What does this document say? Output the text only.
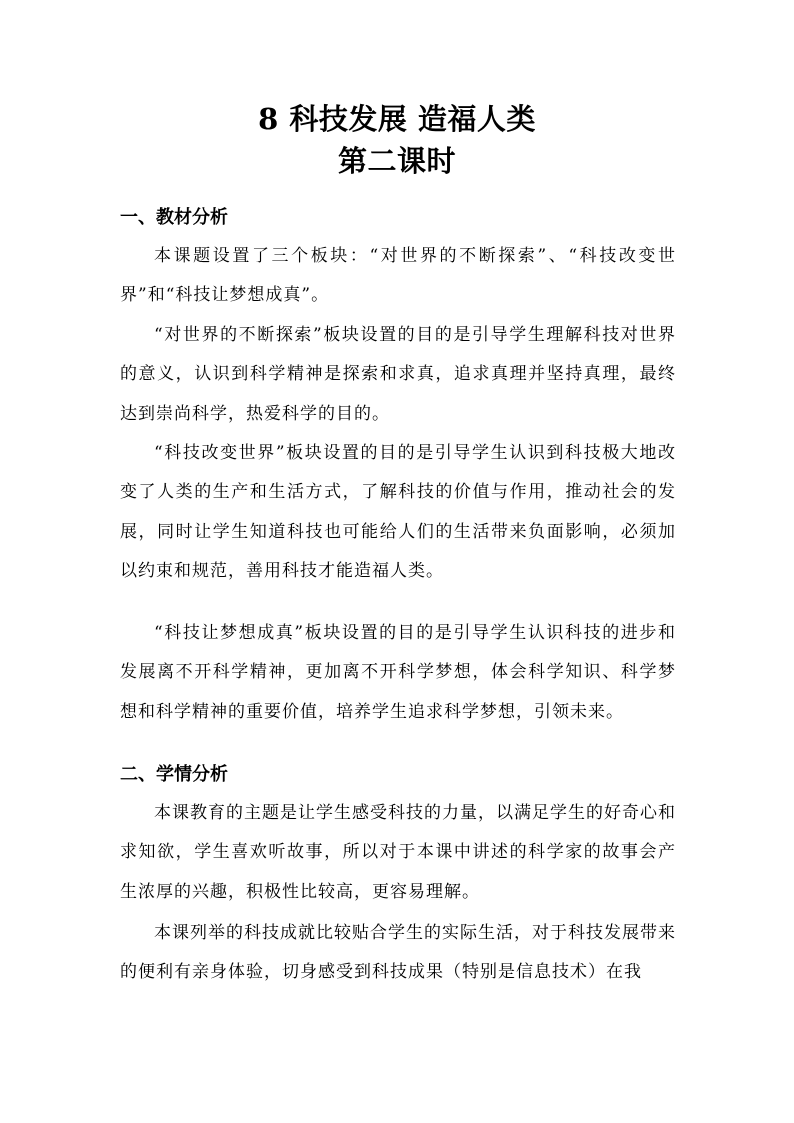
8 科技发展 造福人类
第二课时
一、教材分析

本课题设置了三个板块：“对世界的不断探索”、“科技改变世界”和“科技让梦想成真”。

“对世界的不断探索”板块设置的目的是引导学生理解科技对世界的意义，认识到科学精神是探索和求真，追求真理并坚持真理，最终达到崇尚科学，热爱科学的目的。

“科技改变世界”板块设置的目的是引导学生认识到科技极大地改变了人类的生产和生活方式，了解科技的价值与作用，推动社会的发展，同时让学生知道科技也可能给人们的生活带来负面影响，必须加以约束和规范，善用科技才能造福人类。

“科技让梦想成真”板块设置的目的是引导学生认识科技的进步和发展离不开科学精神，更加离不开科学梦想，体会科学知识、科学梦想和科学精神的重要价值，培养学生追求科学梦想，引领未来。

二、学情分析

本课教育的主题是让学生感受科技的力量，以满足学生的好奇心和求知欲，学生喜欢听故事，所以对于本课中讲述的科学家的故事会产生浓厚的兴趣，积极性比较高，更容易理解。

本课列举的科技成就比较贴合学生的实际生活，对于科技发展带来的便利有亲身体验，切身感受到科技成果（特别是信息技术）在我
